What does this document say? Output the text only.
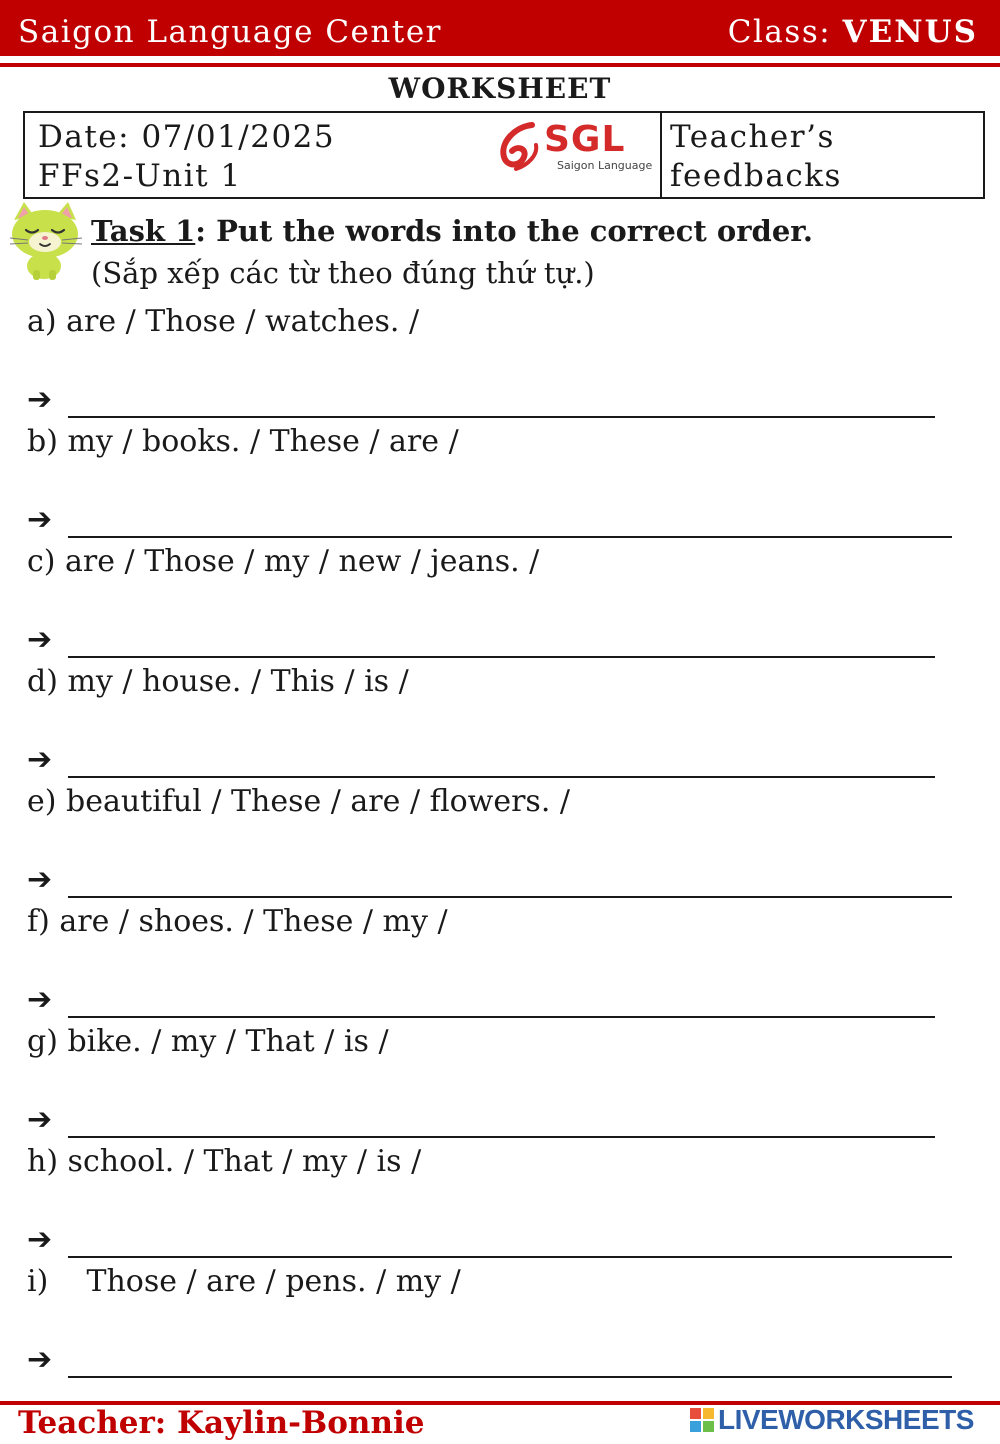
Saigon Language Center	Class: VENUS
WORKSHEET
Date: 07/01/2025
FFs2-Unit 1
SGL
Saigon Language
Teacher’s
feedbacks
Task 1: Put the words into the correct order.
(Sắp xếp các từ theo đúng thứ tự.)
a) are / Those / watches. /
➔
b) my / books. / These / are /
➔
c) are / Those / my / new / jeans. /
➔
d) my / house. / This / is /
➔
e) beautiful / These / are / flowers. /
➔
f) are / shoes. / These / my /
➔
g) bike. / my / That / is /
➔
h) school. / That / my / is /
➔
i)    Those / are / pens. / my /
➔
Teacher: Kaylin-Bonnie	LIVEWORKSHEETS
